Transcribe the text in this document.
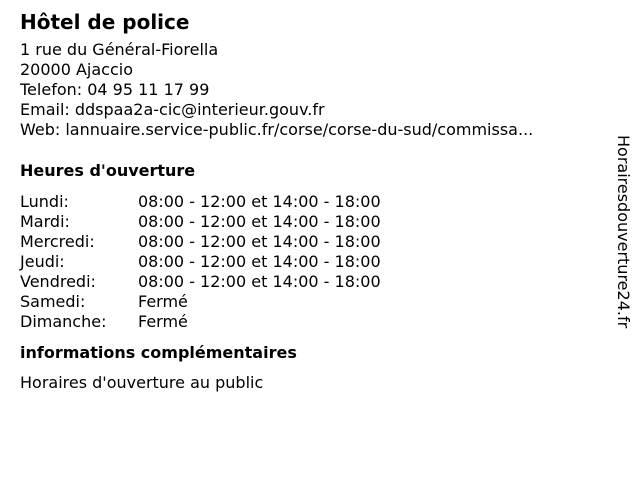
Hôtel de police
1 rue du Général-Fiorella
20000 Ajaccio
Telefon: 04 95 11 17 99
Email: ddspaa2a-cic@interieur.gouv.fr
Web: lannuaire.service-public.fr/corse/corse-du-sud/commissa...
Heures d'ouverture
Lundi:	08:00 - 12:00 et 14:00 - 18:00
Mardi:	08:00 - 12:00 et 14:00 - 18:00
Mercredi:	08:00 - 12:00 et 14:00 - 18:00
Jeudi:	08:00 - 12:00 et 14:00 - 18:00
Vendredi:	08:00 - 12:00 et 14:00 - 18:00
Samedi:	Fermé
Dimanche: Fermé
informations complémentaires
Horaires d'ouverture au public
Horairesdouverture24.fr
